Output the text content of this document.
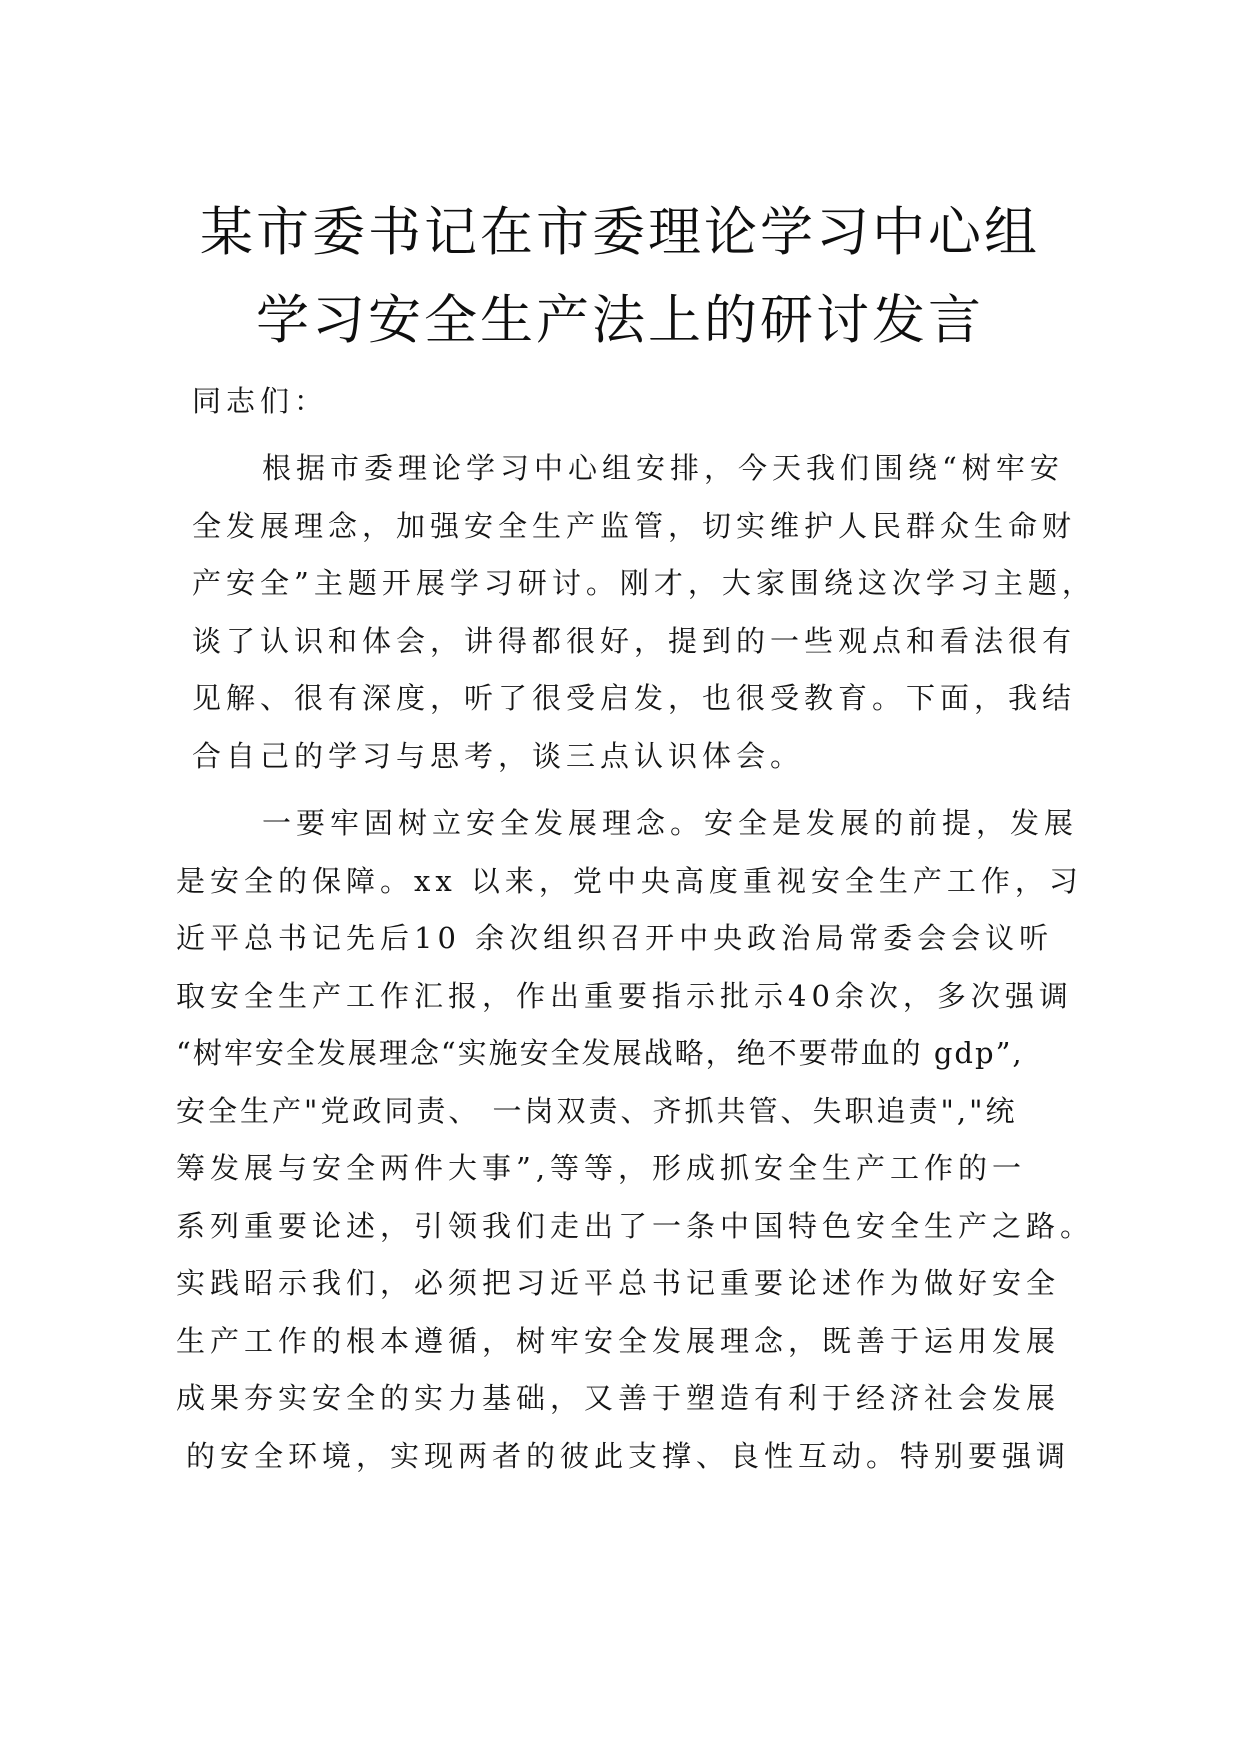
某市委书记在市委理论学习中心组
学习安全生产法上的研讨发言
同志们：
根据市委理论学习中心组安排，今天我们围绕“树牢安
全发展理念，加强安全生产监管，切实维护人民群众生命财
产安全”主题开展学习研讨。刚才，大家围绕这次学习主题，
谈了认识和体会，讲得都很好，提到的一些观点和看法很有
见解、很有深度，听了很受启发，也很受教育。下面，我结
合自己的学习与思考，谈三点认识体会。
一要牢固树立安全发展理念。安全是发展的前提，发展
是安全的保障。xx 以来，党中央高度重视安全生产工作，习
近平总书记先后10 余次组织召开中央政治局常委会会议听
取安全生产工作汇报，作出重要指示批示40余次，多次强调
“树牢安全发展理念“实施安全发展战略，绝不要带血的 gdp”,
安全生产"党政同责、 一岗双责、齐抓共管、失职追责","统
筹发展与安全两件大事”,等等，形成抓安全生产工作的一
系列重要论述，引领我们走出了一条中国特色安全生产之路。
实践昭示我们，必须把习近平总书记重要论述作为做好安全
生产工作的根本遵循，树牢安全发展理念，既善于运用发展
成果夯实安全的实力基础，又善于塑造有利于经济社会发展
的安全环境，实现两者的彼此支撑、良性互动。特别要强调
